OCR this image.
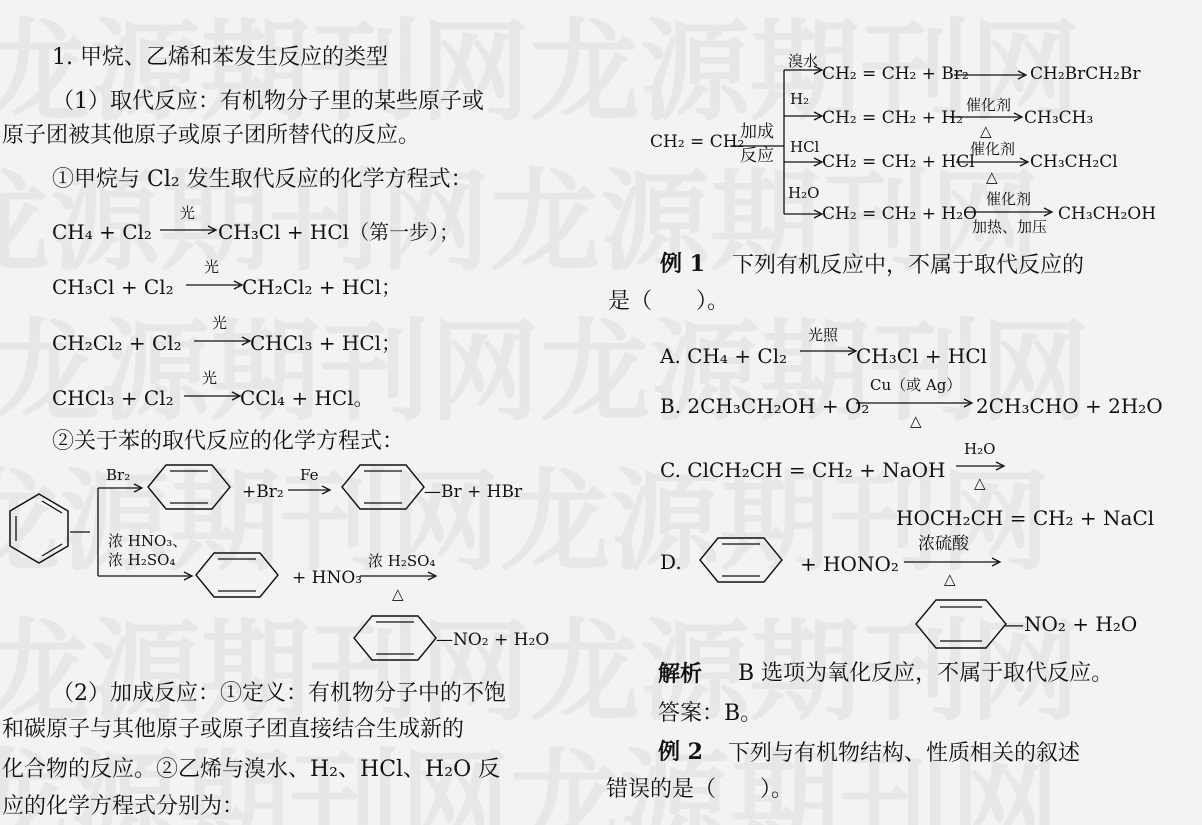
1. 甲烷、乙烯和苯发生反应的类型
（1）取代反应：有机物分子里的某些原子或
原子团被其他原子或原子团所替代的反应。
①甲烷与 Cl₂ 发生取代反应的化学方程式：
CH₄ + Cl₂
光
CH₃Cl + HCl（第一步）；
CH₃Cl + Cl₂
光
CH₂Cl₂ + HCl；
CH₂Cl₂ + Cl₂
光
CHCl₃ + HCl；
CHCl₃ + Cl₂
光
CCl₄ + HCl。
②关于苯的取代反应的化学方程式：
Br₂
+Br₂
Fe
—Br + HBr
浓 HNO₃、
浓 H₂SO₄
+ HNO₃
浓 H₂SO₄
△
—NO₂ + H₂O
（2）加成反应：①定义：有机物分子中的不饱
和碳原子与其他原子或原子团直接结合生成新的
化合物的反应。②乙烯与溴水、H₂、HCl、H₂O 反
应的化学方程式分别为：
CH₂ = CH₂
加成
反应
溴水
CH₂ = CH₂ + Br₂	CH₂BrCH₂Br
H₂
CH₂ = CH₂ + H₂
催化剂
△
CH₃CH₃
HCl
CH₂ = CH₂ + HCl
催化剂
△
CH₃CH₂Cl
H₂O
CH₂ = CH₂ + H₂O
催化剂
加热、加压
CH₃CH₂OH
例 1 下列有机反应中，不属于取代反应的
是（　　）。
A. CH₄ + Cl₂
光照
CH₃Cl + HCl
B. 2CH₃CH₂OH + O₂
Cu（或 Ag）
△
2CH₃CHO + 2H₂O
C. ClCH₂CH = CH₂ + NaOH
H₂O
△
HOCH₂CH = CH₂ + NaCl
D.	+ HONO₂
浓硫酸
△
—NO₂ + H₂O
解析 B 选项为氧化反应，不属于取代反应。
答案：B。
例 2 下列与有机物结构、性质相关的叙述
错误的是（　　）。
